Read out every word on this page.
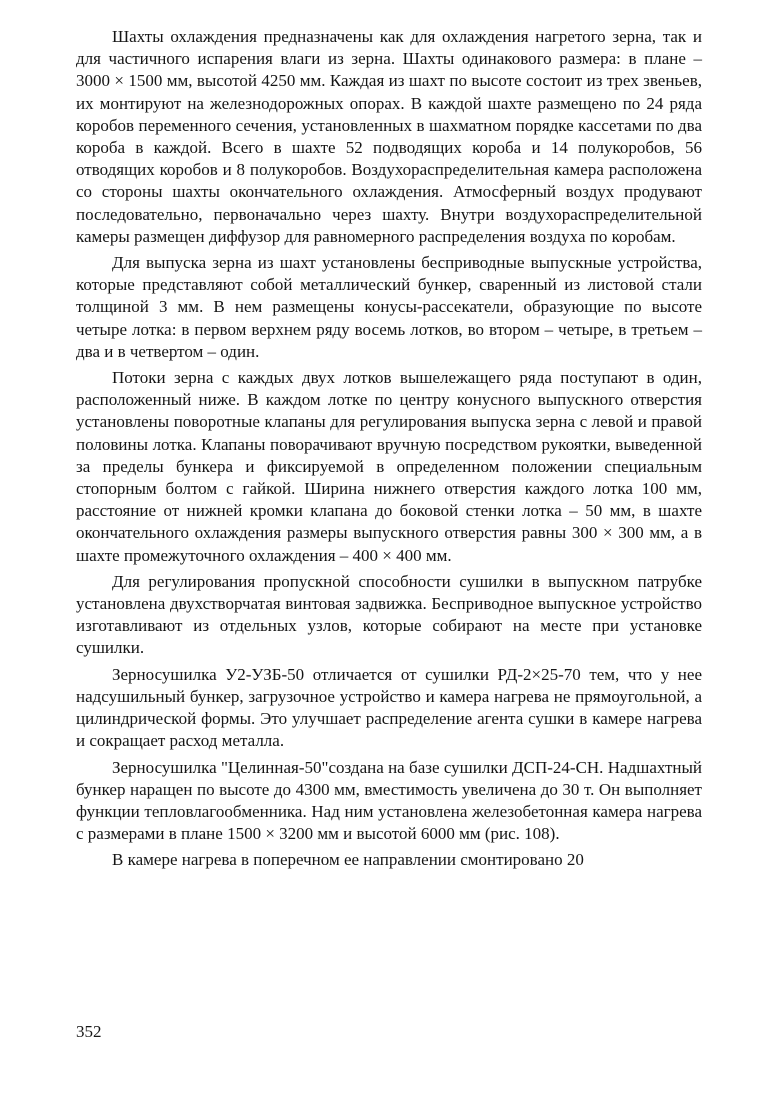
Шахты охлаждения предназначены как для охлаждения нагретого зерна, так и для частичного испарения влаги из зерна. Шахты одинакового размера: в плане – 3000 × 1500 мм, высотой 4250 мм. Каждая из шахт по высоте состоит из трех звеньев, их монтируют на железнодорожных опорах. В каждой шахте размещено по 24 ряда коробов переменного сечения, установленных в шахматном порядке кассетами по два короба в каждой. Всего в шахте 52 подводящих короба и 14 полукоробов, 56 отводящих коробов и 8 полукоробов. Воздухораспределительная камера расположена со стороны шахты окончательного охлаждения. Атмосферный воздух продувают последовательно, первоначально через шахту. Внутри воздухораспределительной камеры размещен диффузор для равномерного распределения воздуха по коробам.

Для выпуска зерна из шахт установлены бесприводные выпускные устройства, которые представляют собой металлический бункер, сваренный из листовой стали толщиной 3 мм. В нем размещены конусы-рассекатели, образующие по высоте четыре лотка: в первом верхнем ряду восемь лотков, во втором – четыре, в третьем – два и в четвертом – один.

Потоки зерна с каждых двух лотков вышележащего ряда поступают в один, расположенный ниже. В каждом лотке по центру конусного выпускного отверстия установлены поворотные клапаны для регулирования выпуска зерна с левой и правой половины лотка. Клапаны поворачивают вручную посредством рукоятки, выведенной за пределы бункера и фиксируемой в определенном положении специальным стопорным болтом с гайкой. Ширина нижнего отверстия каждого лотка 100 мм, расстояние от нижней кромки клапана до боковой стенки лотка – 50 мм, в шахте окончательного охлаждения размеры выпускного отверстия равны 300 × 300 мм, а в шахте промежуточного охлаждения – 400 × 400 мм.

Для регулирования пропускной способности сушилки в выпускном патрубке установлена двухстворчатая винтовая задвижка. Бесприводное выпускное устройство изготавливают из отдельных узлов, которые собирают на месте при установке сушилки.

Зерносушилка У2-УЗБ-50 отличается от сушилки РД-2×25-70 тем, что у нее надсушильный бункер, загрузочное устройство и камера нагрева не прямоугольной, а цилиндрической формы. Это улучшает распределение агента сушки в камере нагрева и сокращает расход металла.

Зерносушилка "Целинная-50"создана на базе сушилки ДСП-24-СН. Надшахтный бункер наращен по высоте до 4300 мм, вместимость увеличена до 30 т. Он выполняет функции тепловлагообменника. Над ним установлена железобетонная камера нагрева с размерами в плане 1500 × 3200 мм и высотой 6000 мм (рис. 108).

В камере нагрева в поперечном ее направлении смонтировано 20

352
